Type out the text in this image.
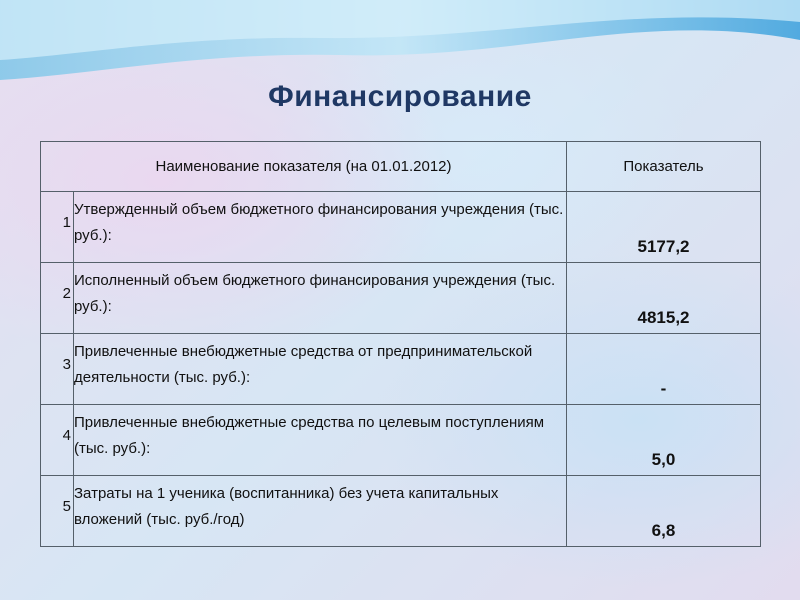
Финансирование
Наименование показателя (на 01.01.2012)		Показатель

1	Утвержденный объем бюджетного финансирования учреждения (тыс. руб.):	5177,2

2	Исполненный объем бюджетного финансирования учреждения (тыс. руб.):	4815,2

3	Привлеченные внебюджетные средства от предпринимательской деятельности (тыс. руб.):	-

4	Привлеченные внебюджетные средства по целевым поступлениям (тыс. руб.):	5,0

5	Затраты на 1 ученика (воспитанника) без учета капитальных вложений (тыс. руб./год)	6,8
